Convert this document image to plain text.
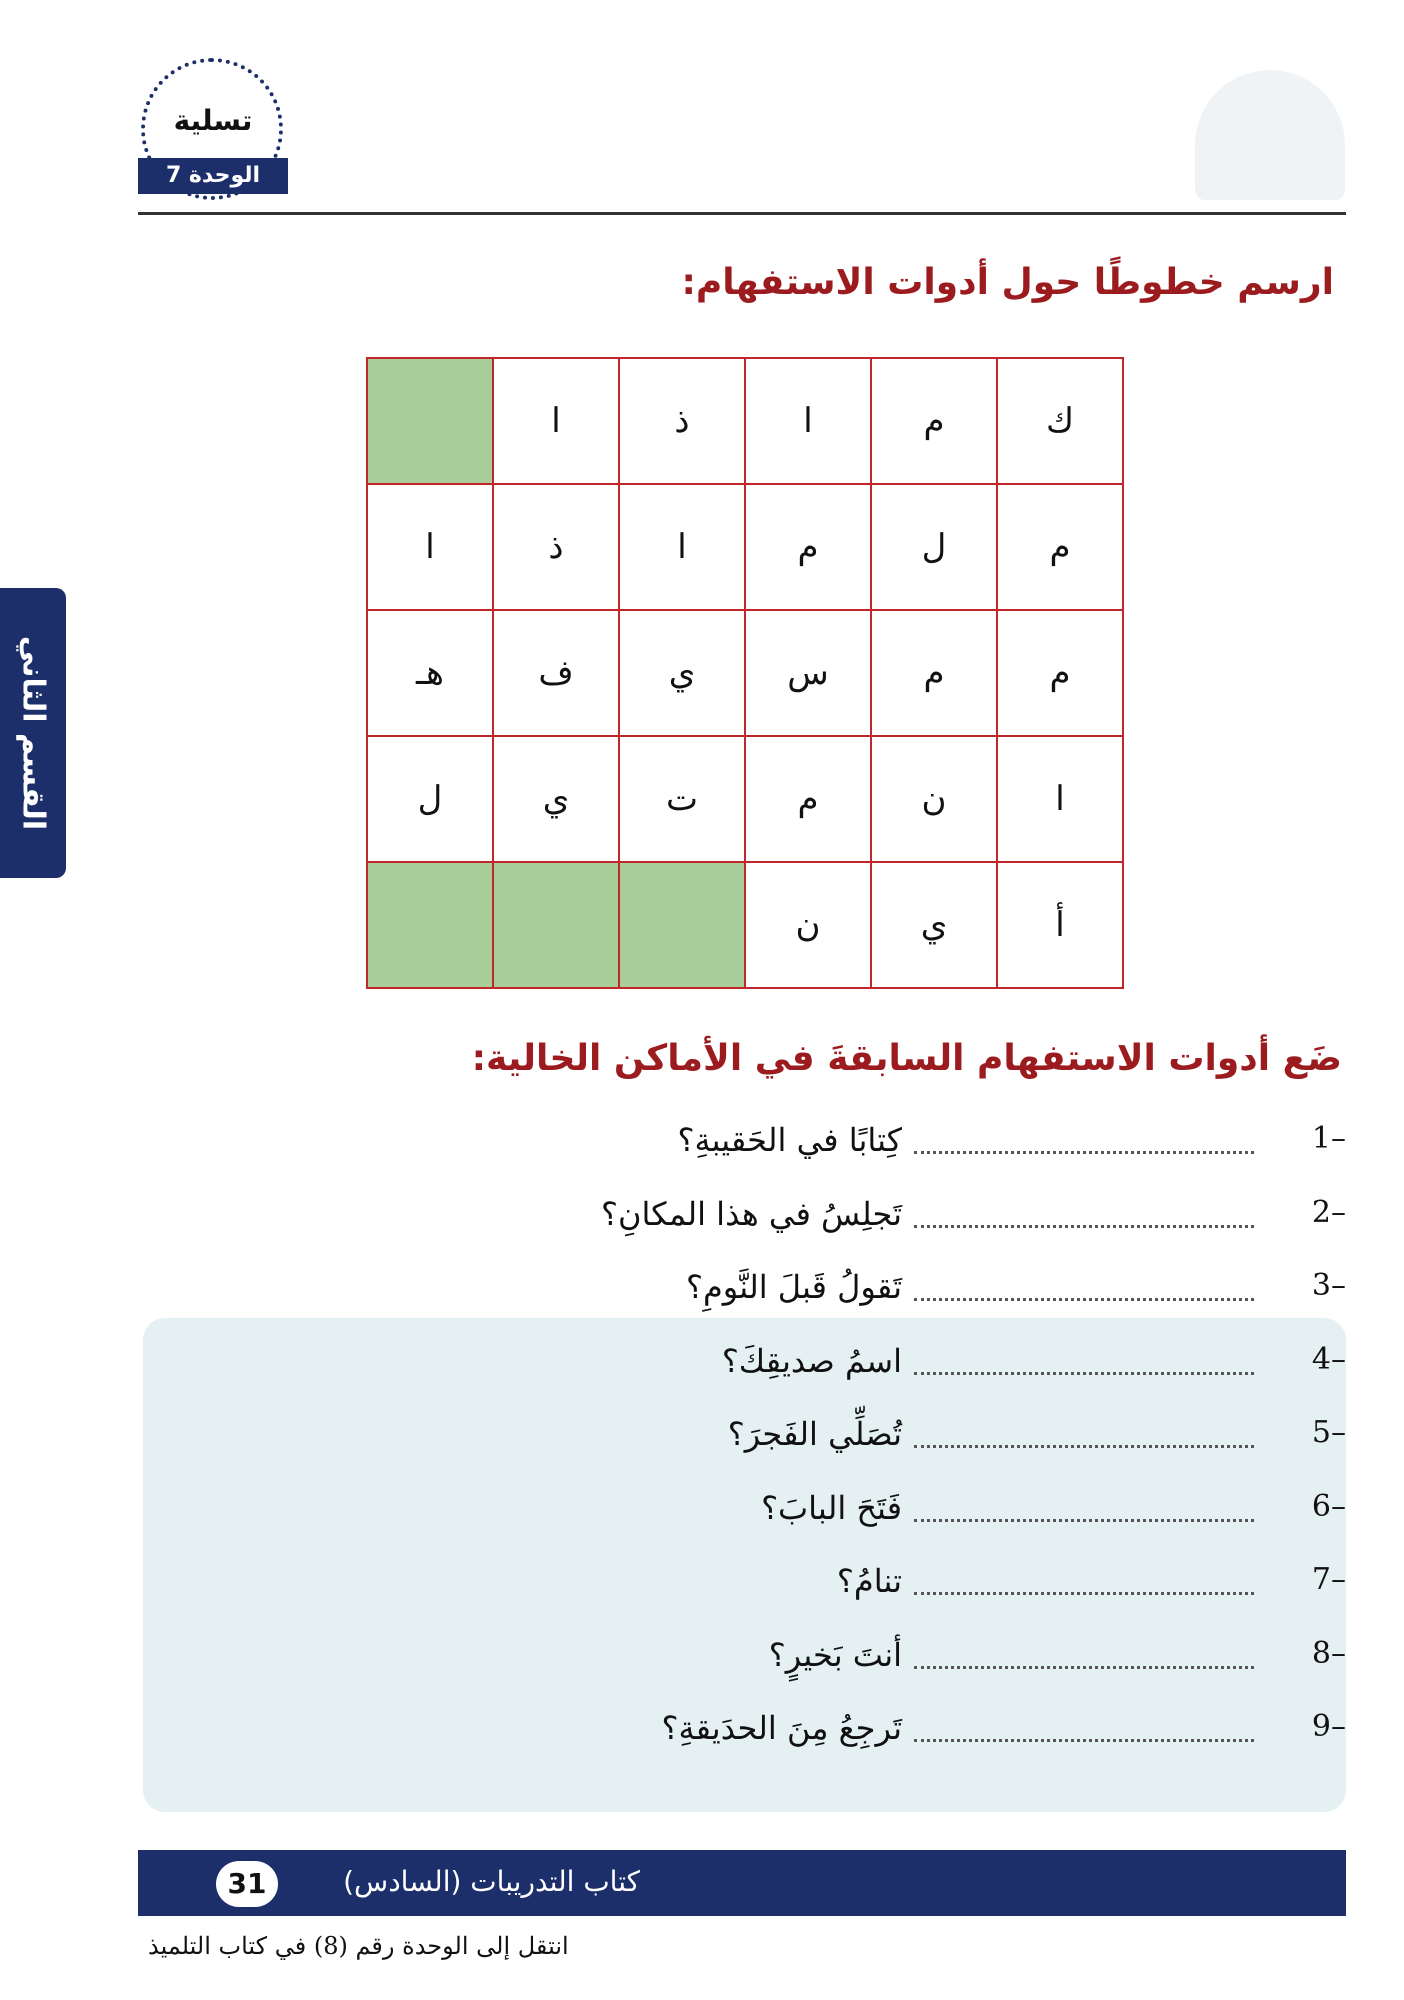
تسلية
الوحدة 7
القسم الثاني
ارسم خطوطًا حول أدوات الاستفهام:
ك	م	ا	ذ	ا	
م	ل	م	ا	ذ	ا
م	م	س	ي	ف	هـ
ا	ن	م	ت	ي	ل
أ	ي	ن			
ضَع أدوات الاستفهام السابقةَ في الأماكن الخالية:
1–
كِتابًا في الحَقيبةِ؟
2–
تَجلِسُ في هذا المكانِ؟
3–
تَقولُ قَبلَ النَّومِ؟
4–
اسمُ صديقِكَ؟
5–
تُصَلِّي الفَجرَ؟
6–
فَتَحَ البابَ؟
7–
تنامُ؟
8–
أنتَ بَخيرٍ؟
9–
تَرجِعُ مِنَ الحدَيقةِ؟
31	كتاب التدريبات (السادس)
انتقل إلى الوحدة رقم (8) في كتاب التلميذ
